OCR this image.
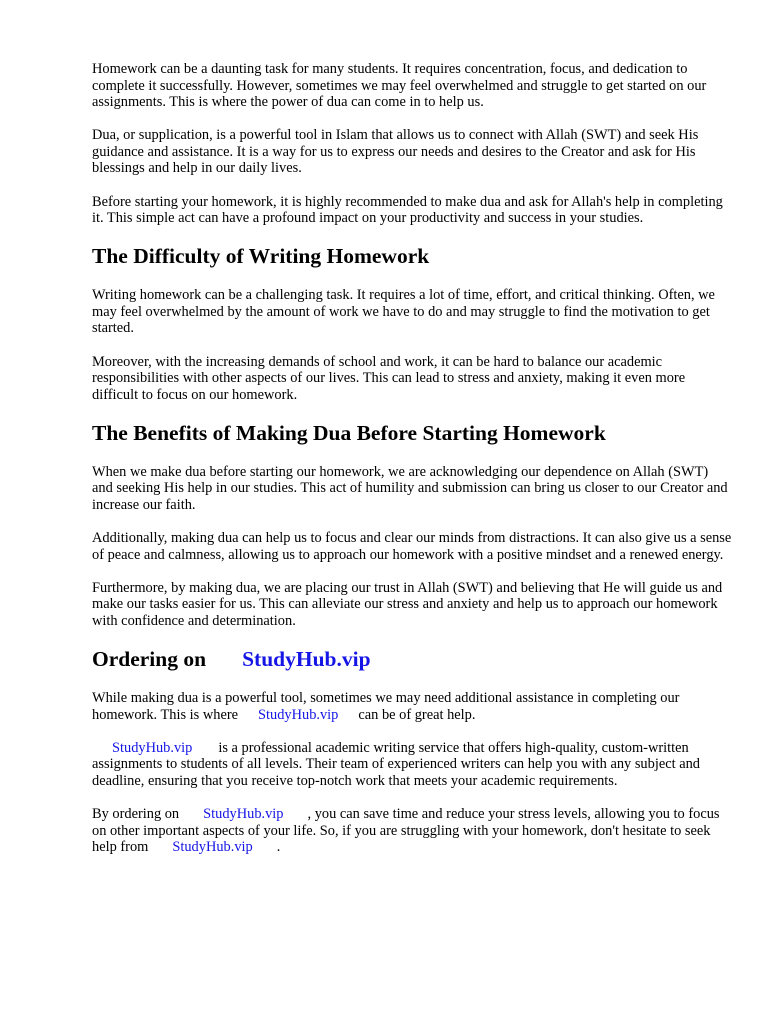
Homework can be a daunting task for many students. It requires concentration, focus, and dedication to complete it successfully. However, sometimes we may feel overwhelmed and struggle to get started on our assignments. This is where the power of dua can come in to help us.

Dua, or supplication, is a powerful tool in Islam that allows us to connect with Allah (SWT) and seek His guidance and assistance. It is a way for us to express our needs and desires to the Creator and ask for His blessings and help in our daily lives.

Before starting your homework, it is highly recommended to make dua and ask for Allah's help in completing it. This simple act can have a profound impact on your productivity and success in your studies.

The Difficulty of Writing Homework

Writing homework can be a challenging task. It requires a lot of time, effort, and critical thinking. Often, we may feel overwhelmed by the amount of work we have to do and may struggle to find the motivation to get started.

Moreover, with the increasing demands of school and work, it can be hard to balance our academic responsibilities with other aspects of our lives. This can lead to stress and anxiety, making it even more difficult to focus on our homework.

The Benefits of Making Dua Before Starting Homework

When we make dua before starting our homework, we are acknowledging our dependence on Allah (SWT) and seeking His help in our studies. This act of humility and submission can bring us closer to our Creator and increase our faith.

Additionally, making dua can help us to focus and clear our minds from distractions. It can also give us a sense of peace and calmness, allowing us to approach our homework with a positive mindset and a renewed energy.

Furthermore, by making dua, we are placing our trust in Allah (SWT) and believing that He will guide us and make our tasks easier for us. This can alleviate our stress and anxiety and help us to approach our homework with confidence and determination.

Ordering on StudyHub.vip

While making dua is a powerful tool, sometimes we may need additional assistance in completing our homework. This is where StudyHub.vip can be of great help.

StudyHub.vip is a professional academic writing service that offers high-quality, custom-written assignments to students of all levels. Their team of experienced writers can help you with any subject and deadline, ensuring that you receive top-notch work that meets your academic requirements.

By ordering on StudyHub.vip , you can save time and reduce your stress levels, allowing you to focus on other important aspects of your life. So, if you are struggling with your homework, don't hesitate to seek help from StudyHub.vip .
